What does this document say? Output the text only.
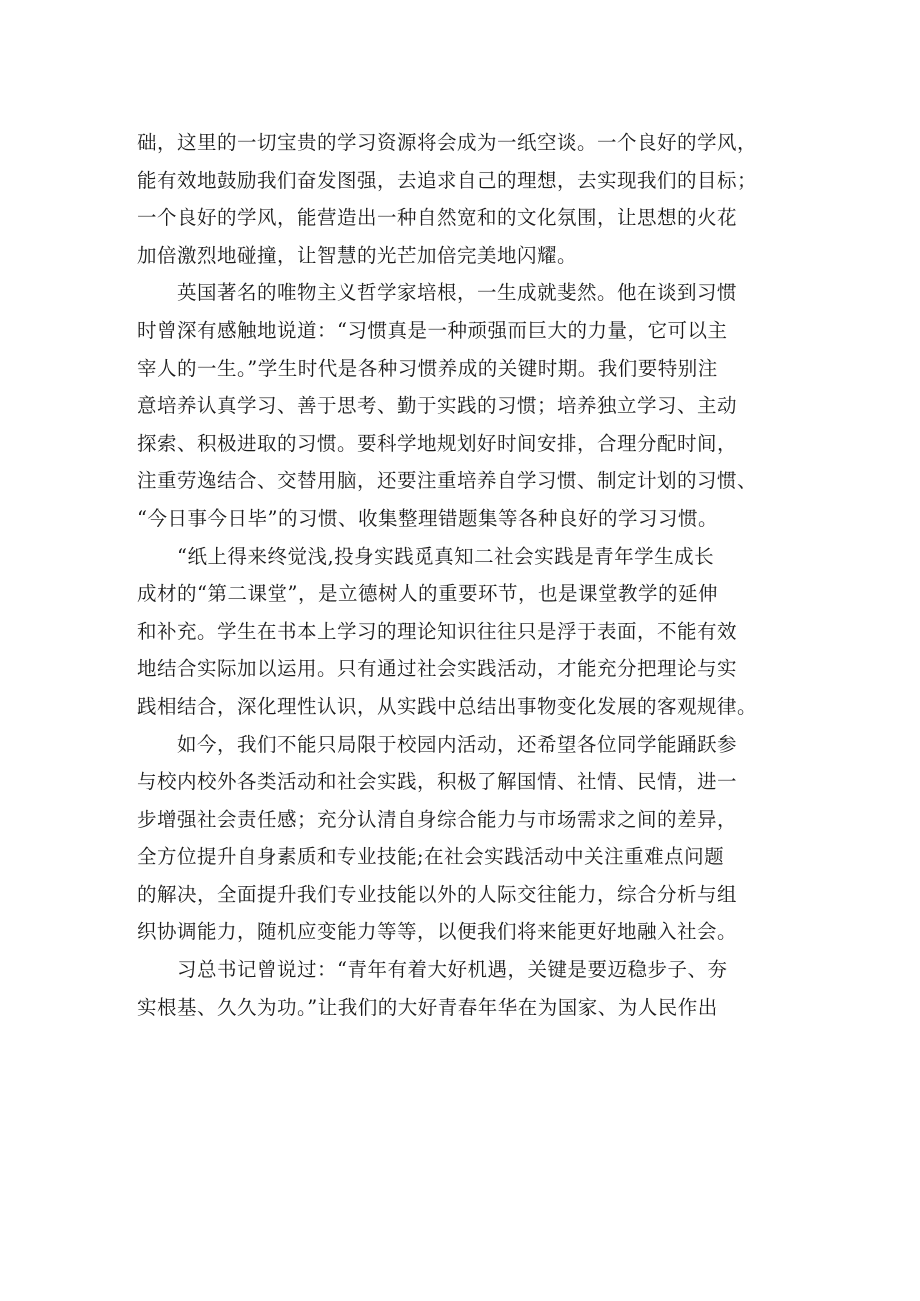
础，这里的一切宝贵的学习资源将会成为一纸空谈。一个良好的学风，
能有效地鼓励我们奋发图强，去追求自己的理想，去实现我们的目标；
一个良好的学风，能营造出一种自然宽和的文化氛围，让思想的火花
加倍激烈地碰撞，让智慧的光芒加倍完美地闪耀。
　　英国著名的唯物主义哲学家培根，一生成就斐然。他在谈到习惯
时曾深有感触地说道：“习惯真是一种顽强而巨大的力量，它可以主
宰人的一生。”学生时代是各种习惯养成的关键时期。我们要特别注
意培养认真学习、善于思考、勤于实践的习惯；培养独立学习、主动
探索、积极进取的习惯。要科学地规划好时间安排，合理分配时间，
注重劳逸结合、交替用脑，还要注重培养自学习惯、制定计划的习惯、
“今日事今日毕”的习惯、收集整理错题集等各种良好的学习习惯。
　　“纸上得来终觉浅,投身实践觅真知二社会实践是青年学生成长
成材的“第二课堂”，是立德树人的重要环节，也是课堂教学的延伸
和补充。学生在书本上学习的理论知识往往只是浮于表面，不能有效
地结合实际加以运用。只有通过社会实践活动，才能充分把理论与实
践相结合，深化理性认识，从实践中总结出事物变化发展的客观规律。
　　如今，我们不能只局限于校园内活动，还希望各位同学能踊跃参
与校内校外各类活动和社会实践，积极了解国情、社情、民情，进一
步增强社会责任感；充分认清自身综合能力与市场需求之间的差异，
全方位提升自身素质和专业技能;在社会实践活动中关注重难点问题
的解决，全面提升我们专业技能以外的人际交往能力，综合分析与组
织协调能力，随机应变能力等等，以便我们将来能更好地融入社会。
　　习总书记曾说过：“青年有着大好机遇，关键是要迈稳步子、夯
实根基、久久为功。”让我们的大好青春年华在为国家、为人民作出
